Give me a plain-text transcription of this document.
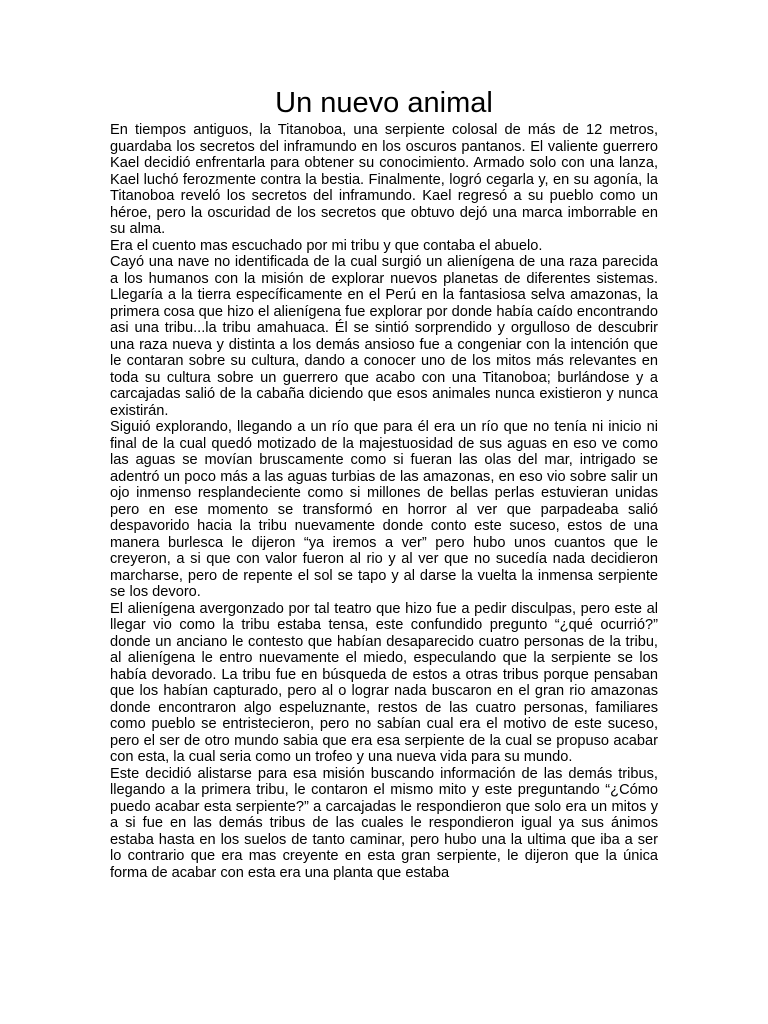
Un nuevo animal

En tiempos antiguos, la Titanoboa, una serpiente colosal de más de 12 metros, guardaba los secretos del inframundo en los oscuros pantanos. El valiente guerrero Kael decidió enfrentarla para obtener su conocimiento. Armado solo con una lanza, Kael luchó ferozmente contra la bestia. Finalmente, logró cegarla y, en su agonía, la Titanoboa reveló los secretos del inframundo. Kael regresó a su pueblo como un héroe, pero la oscuridad de los secretos que obtuvo dejó una marca imborrable en su alma.

Era el cuento mas escuchado por mi tribu y que contaba el abuelo.

Cayó una nave no identificada de la cual surgió un alienígena de una raza parecida a los humanos con la misión de explorar nuevos planetas de diferentes sistemas. Llegaría a la tierra específicamente en el Perú en la fantasiosa selva amazonas, la primera cosa que hizo el alienígena fue explorar por donde había caído encontrando asi una tribu...la tribu amahuaca. Él se sintió sorprendido y orgulloso de descubrir una raza nueva y distinta a los demás ansioso fue a congeniar con la intención que le contaran sobre su cultura, dando a conocer uno de los mitos más relevantes en toda su cultura sobre un guerrero que acabo con una Titanoboa; burlándose y a carcajadas salió de la cabaña diciendo que esos animales nunca existieron y nunca existirán.

Siguió explorando, llegando a un río que para él era un río que no tenía ni inicio ni final de la cual quedó motizado de la majestuosidad de sus aguas en eso ve como las aguas se movían bruscamente como si fueran las olas del mar, intrigado se adentró un poco más a las aguas turbias de las amazonas, en eso vio sobre salir un ojo inmenso resplandeciente como si millones de bellas perlas estuvieran unidas pero en ese momento se transformó en horror al ver que parpadeaba salió despavorido hacia la tribu nuevamente donde conto este suceso, estos de una manera burlesca le dijeron “ya iremos a ver” pero hubo unos cuantos que le creyeron, a si que con valor fueron al rio y al ver que no sucedía nada decidieron marcharse, pero de repente el sol se tapo y al darse la vuelta la inmensa serpiente se los devoro.

El alienígena avergonzado por tal teatro que hizo fue a pedir disculpas, pero este al llegar vio como la tribu estaba tensa, este confundido pregunto “¿qué ocurrió?” donde un anciano le contesto que habían desaparecido cuatro personas de la tribu, al alienígena le entro nuevamente el miedo, especulando que la serpiente se los había devorado. La tribu fue en búsqueda de estos a otras tribus porque pensaban que los habían capturado, pero al o lograr nada buscaron en el gran rio amazonas donde encontraron algo espeluznante, restos de las cuatro personas, familiares como pueblo se entristecieron, pero no sabían cual era el motivo de este suceso, pero el ser de otro mundo sabia que era esa serpiente de la cual se propuso acabar con esta, la cual seria como un trofeo y una nueva vida para su mundo.

Este decidió alistarse para esa misión buscando información de las demás tribus, llegando a la primera tribu, le contaron el mismo mito y este preguntando “¿Cómo puedo acabar esta serpiente?” a carcajadas le respondieron que solo era un mitos y a si fue en las demás tribus de las cuales le respondieron igual ya sus ánimos estaba hasta en los suelos de tanto caminar, pero hubo una la ultima que iba a ser lo contrario que era mas creyente en esta gran serpiente, le dijeron que la única forma de acabar con esta era una planta que estaba
